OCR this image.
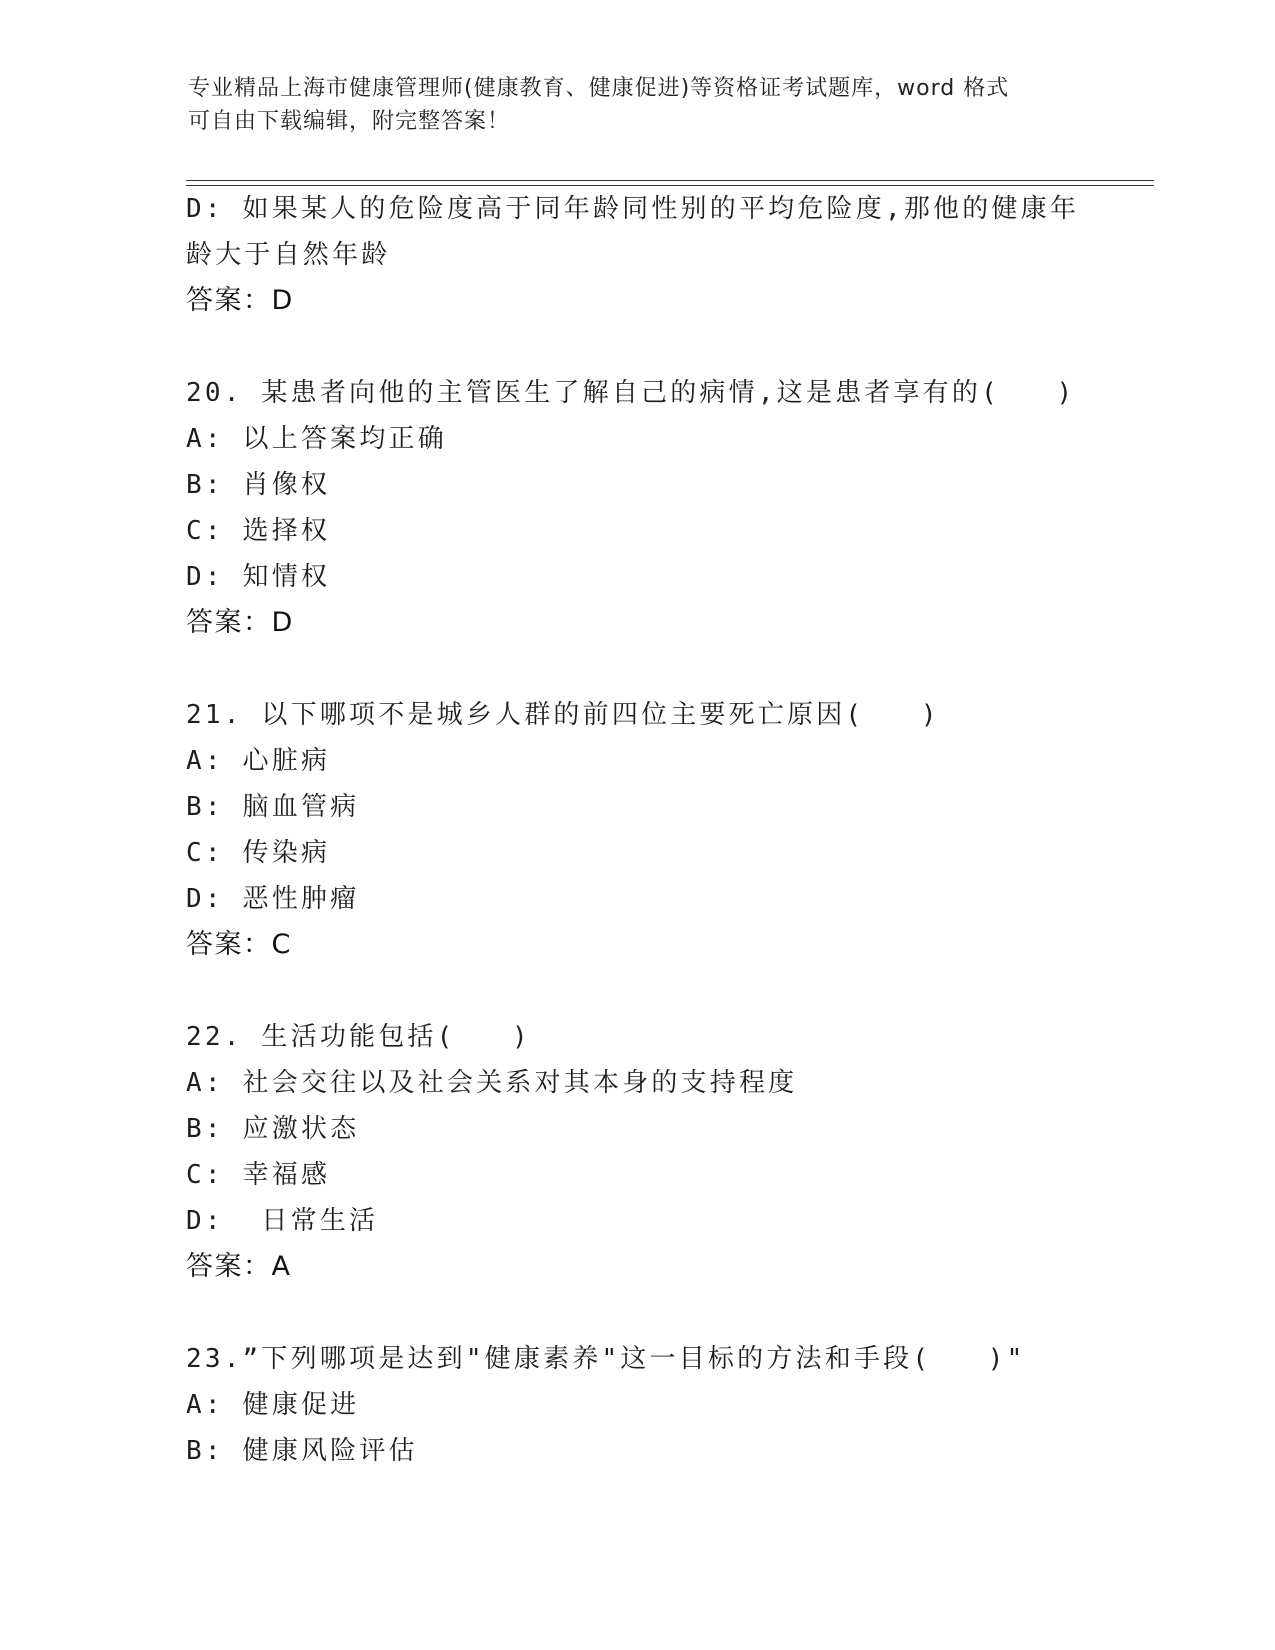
专业精品上海市健康管理师(健康教育、健康促进)等资格证考试题库，word 格式
可自由下载编辑，附完整答案！
D: 如果某人的危险度高于同年龄同性别的平均危险度,那他的健康年
龄大于自然年龄
答案：D
20. 某患者向他的主管医生了解自己的病情,这是患者享有的(   )
A: 以上答案均正确
B: 肖像权
C: 选择权
D: 知情权
答案：D
21. 以下哪项不是城乡人群的前四位主要死亡原因(   )
A: 心脏病
B: 脑血管病
C: 传染病
D: 恶性肿瘤
答案：C
22. 生活功能包括(   )
A: 社会交往以及社会关系对其本身的支持程度
B: 应激状态
C: 幸福感
D:  日常生活
答案：A
23.”下列哪项是达到"健康素养"这一目标的方法和手段(   )"
A: 健康促进
B: 健康风险评估
